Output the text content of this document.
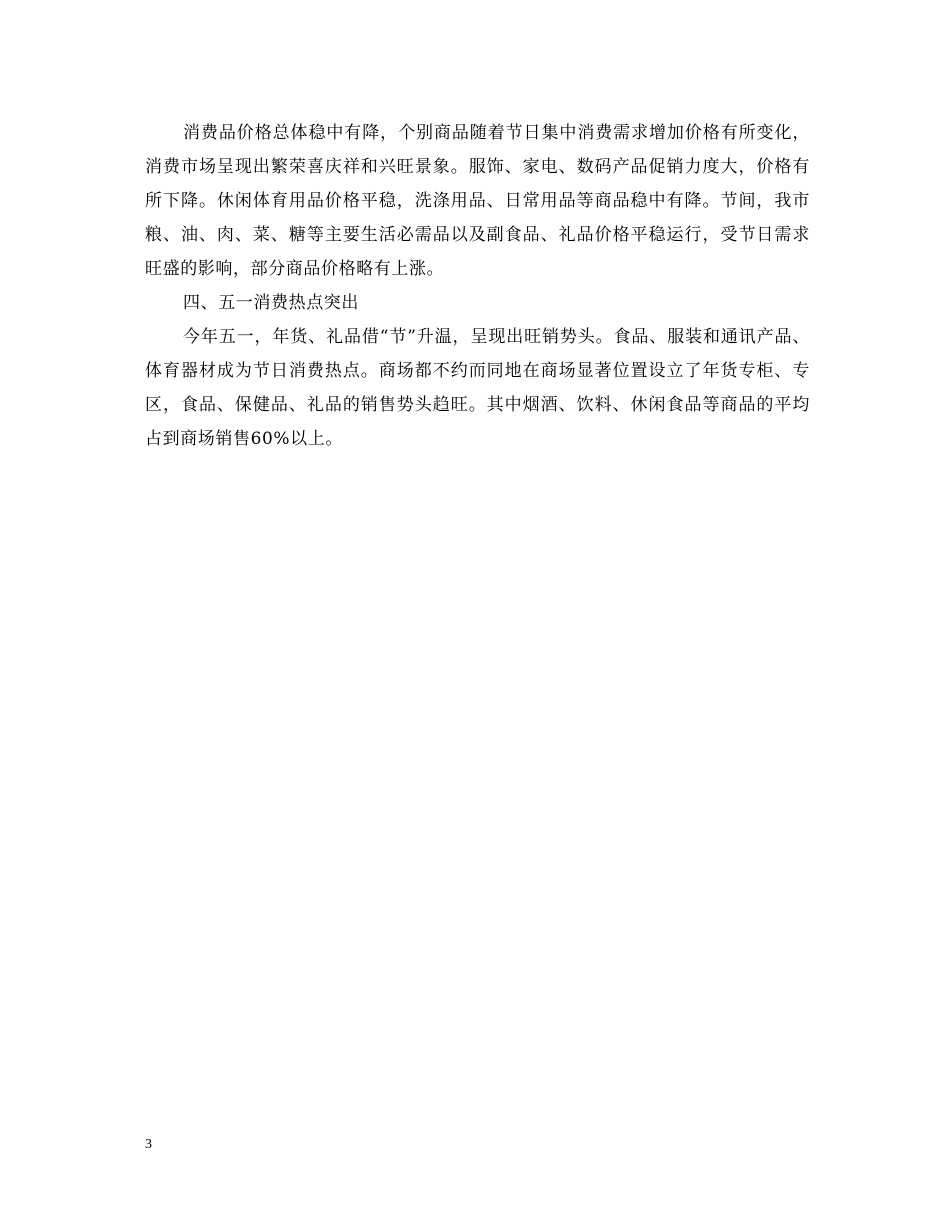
消费品价格总体稳中有降，个别商品随着节日集中消费需求增加价格有所变化，消费市场呈现出繁荣喜庆祥和兴旺景象。服饰、家电、数码产品促销力度大，价格有所下降。休闲体育用品价格平稳，洗涤用品、日常用品等商品稳中有降。节间，我市粮、油、肉、菜、糖等主要生活必需品以及副食品、礼品价格平稳运行，受节日需求旺盛的影响，部分商品价格略有上涨。

四、五一消费热点突出

今年五一，年货、礼品借“节”升温，呈现出旺销势头。食品、服装和通讯产品、体育器材成为节日消费热点。商场都不约而同地在商场显著位置设立了年货专柜、专区，食品、保健品、礼品的销售势头趋旺。其中烟酒、饮料、休闲食品等商品的平均占到商场销售60%以上。

3
